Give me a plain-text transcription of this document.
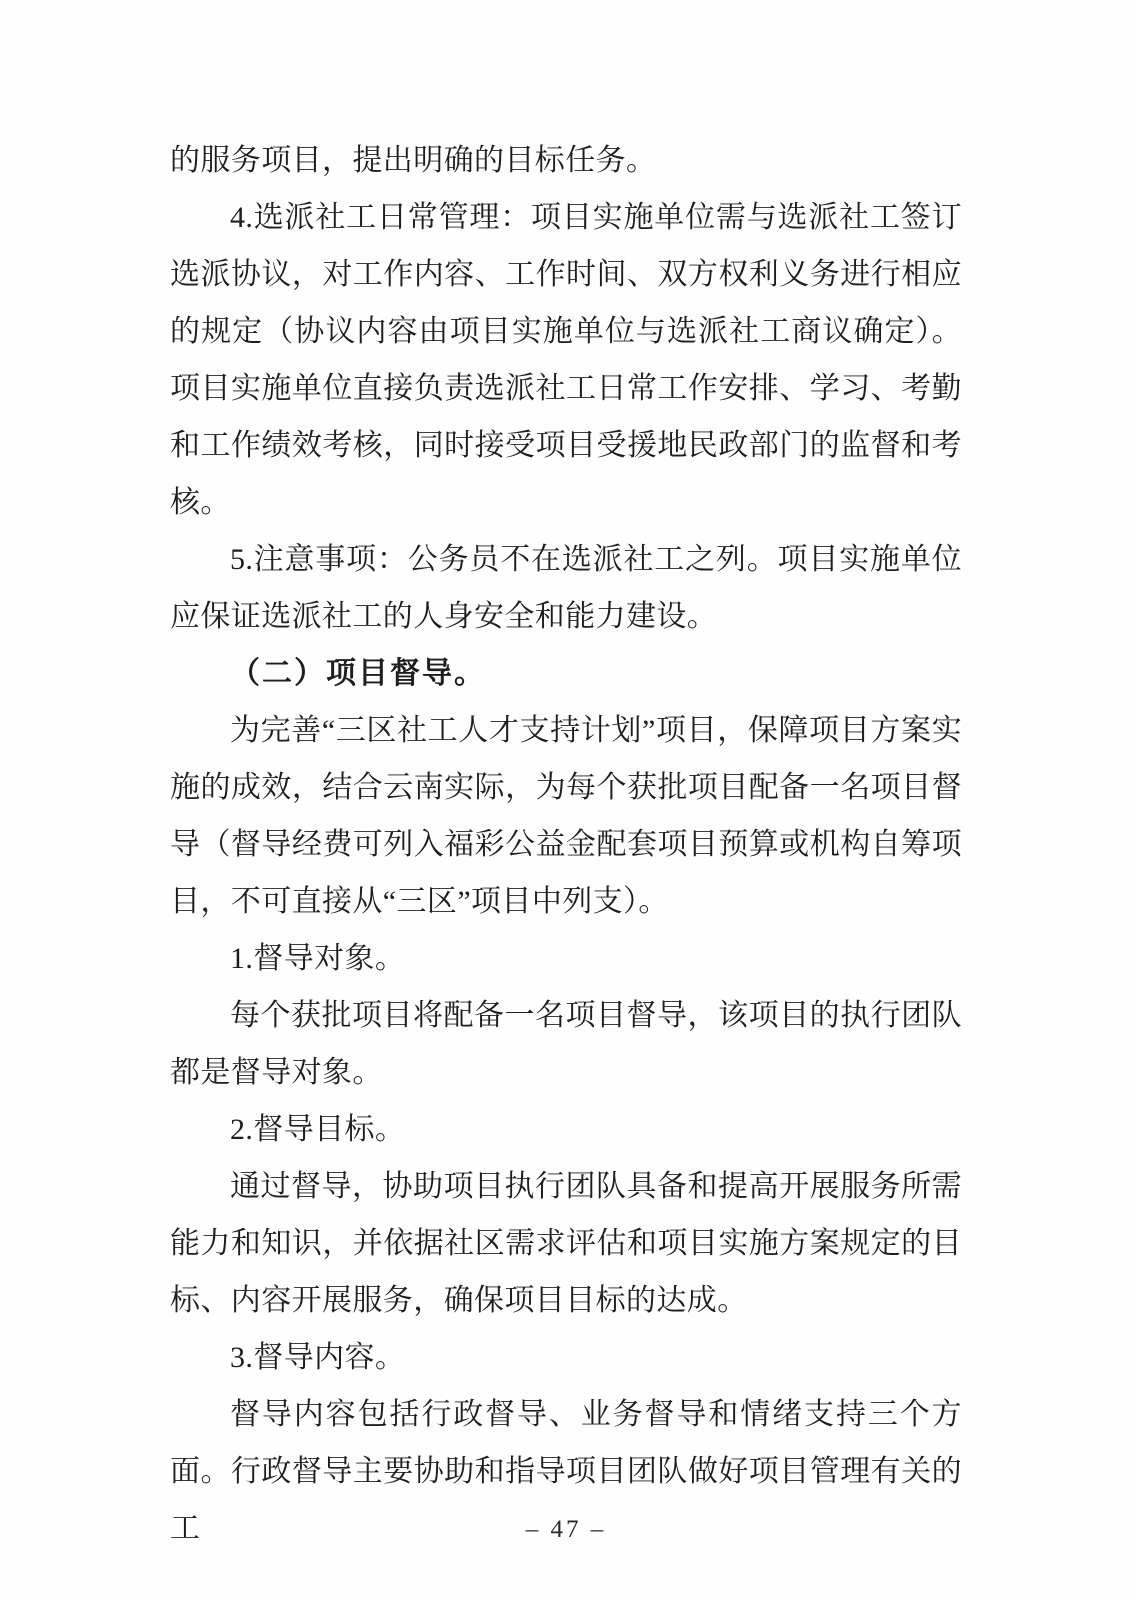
的服务项目，提出明确的目标任务。

4.选派社工日常管理：项目实施单位需与选派社工签订选派协议，对工作内容、工作时间、双方权利义务进行相应的规定（协议内容由项目实施单位与选派社工商议确定）。项目实施单位直接负责选派社工日常工作安排、学习、考勤和工作绩效考核，同时接受项目受援地民政部门的监督和考核。

5.注意事项：公务员不在选派社工之列。项目实施单位应保证选派社工的人身安全和能力建设。

（二）项目督导。

为完善“三区社工人才支持计划”项目，保障项目方案实施的成效，结合云南实际，为每个获批项目配备一名项目督导（督导经费可列入福彩公益金配套项目预算或机构自筹项目，不可直接从“三区”项目中列支）。

1.督导对象。

每个获批项目将配备一名项目督导，该项目的执行团队都是督导对象。

2.督导目标。

通过督导，协助项目执行团队具备和提高开展服务所需能力和知识，并依据社区需求评估和项目实施方案规定的目标、内容开展服务，确保项目目标的达成。

3.督导内容。

督导内容包括行政督导、业务督导和情绪支持三个方面。行政督导主要协助和指导项目团队做好项目管理有关的工	– 47 –
